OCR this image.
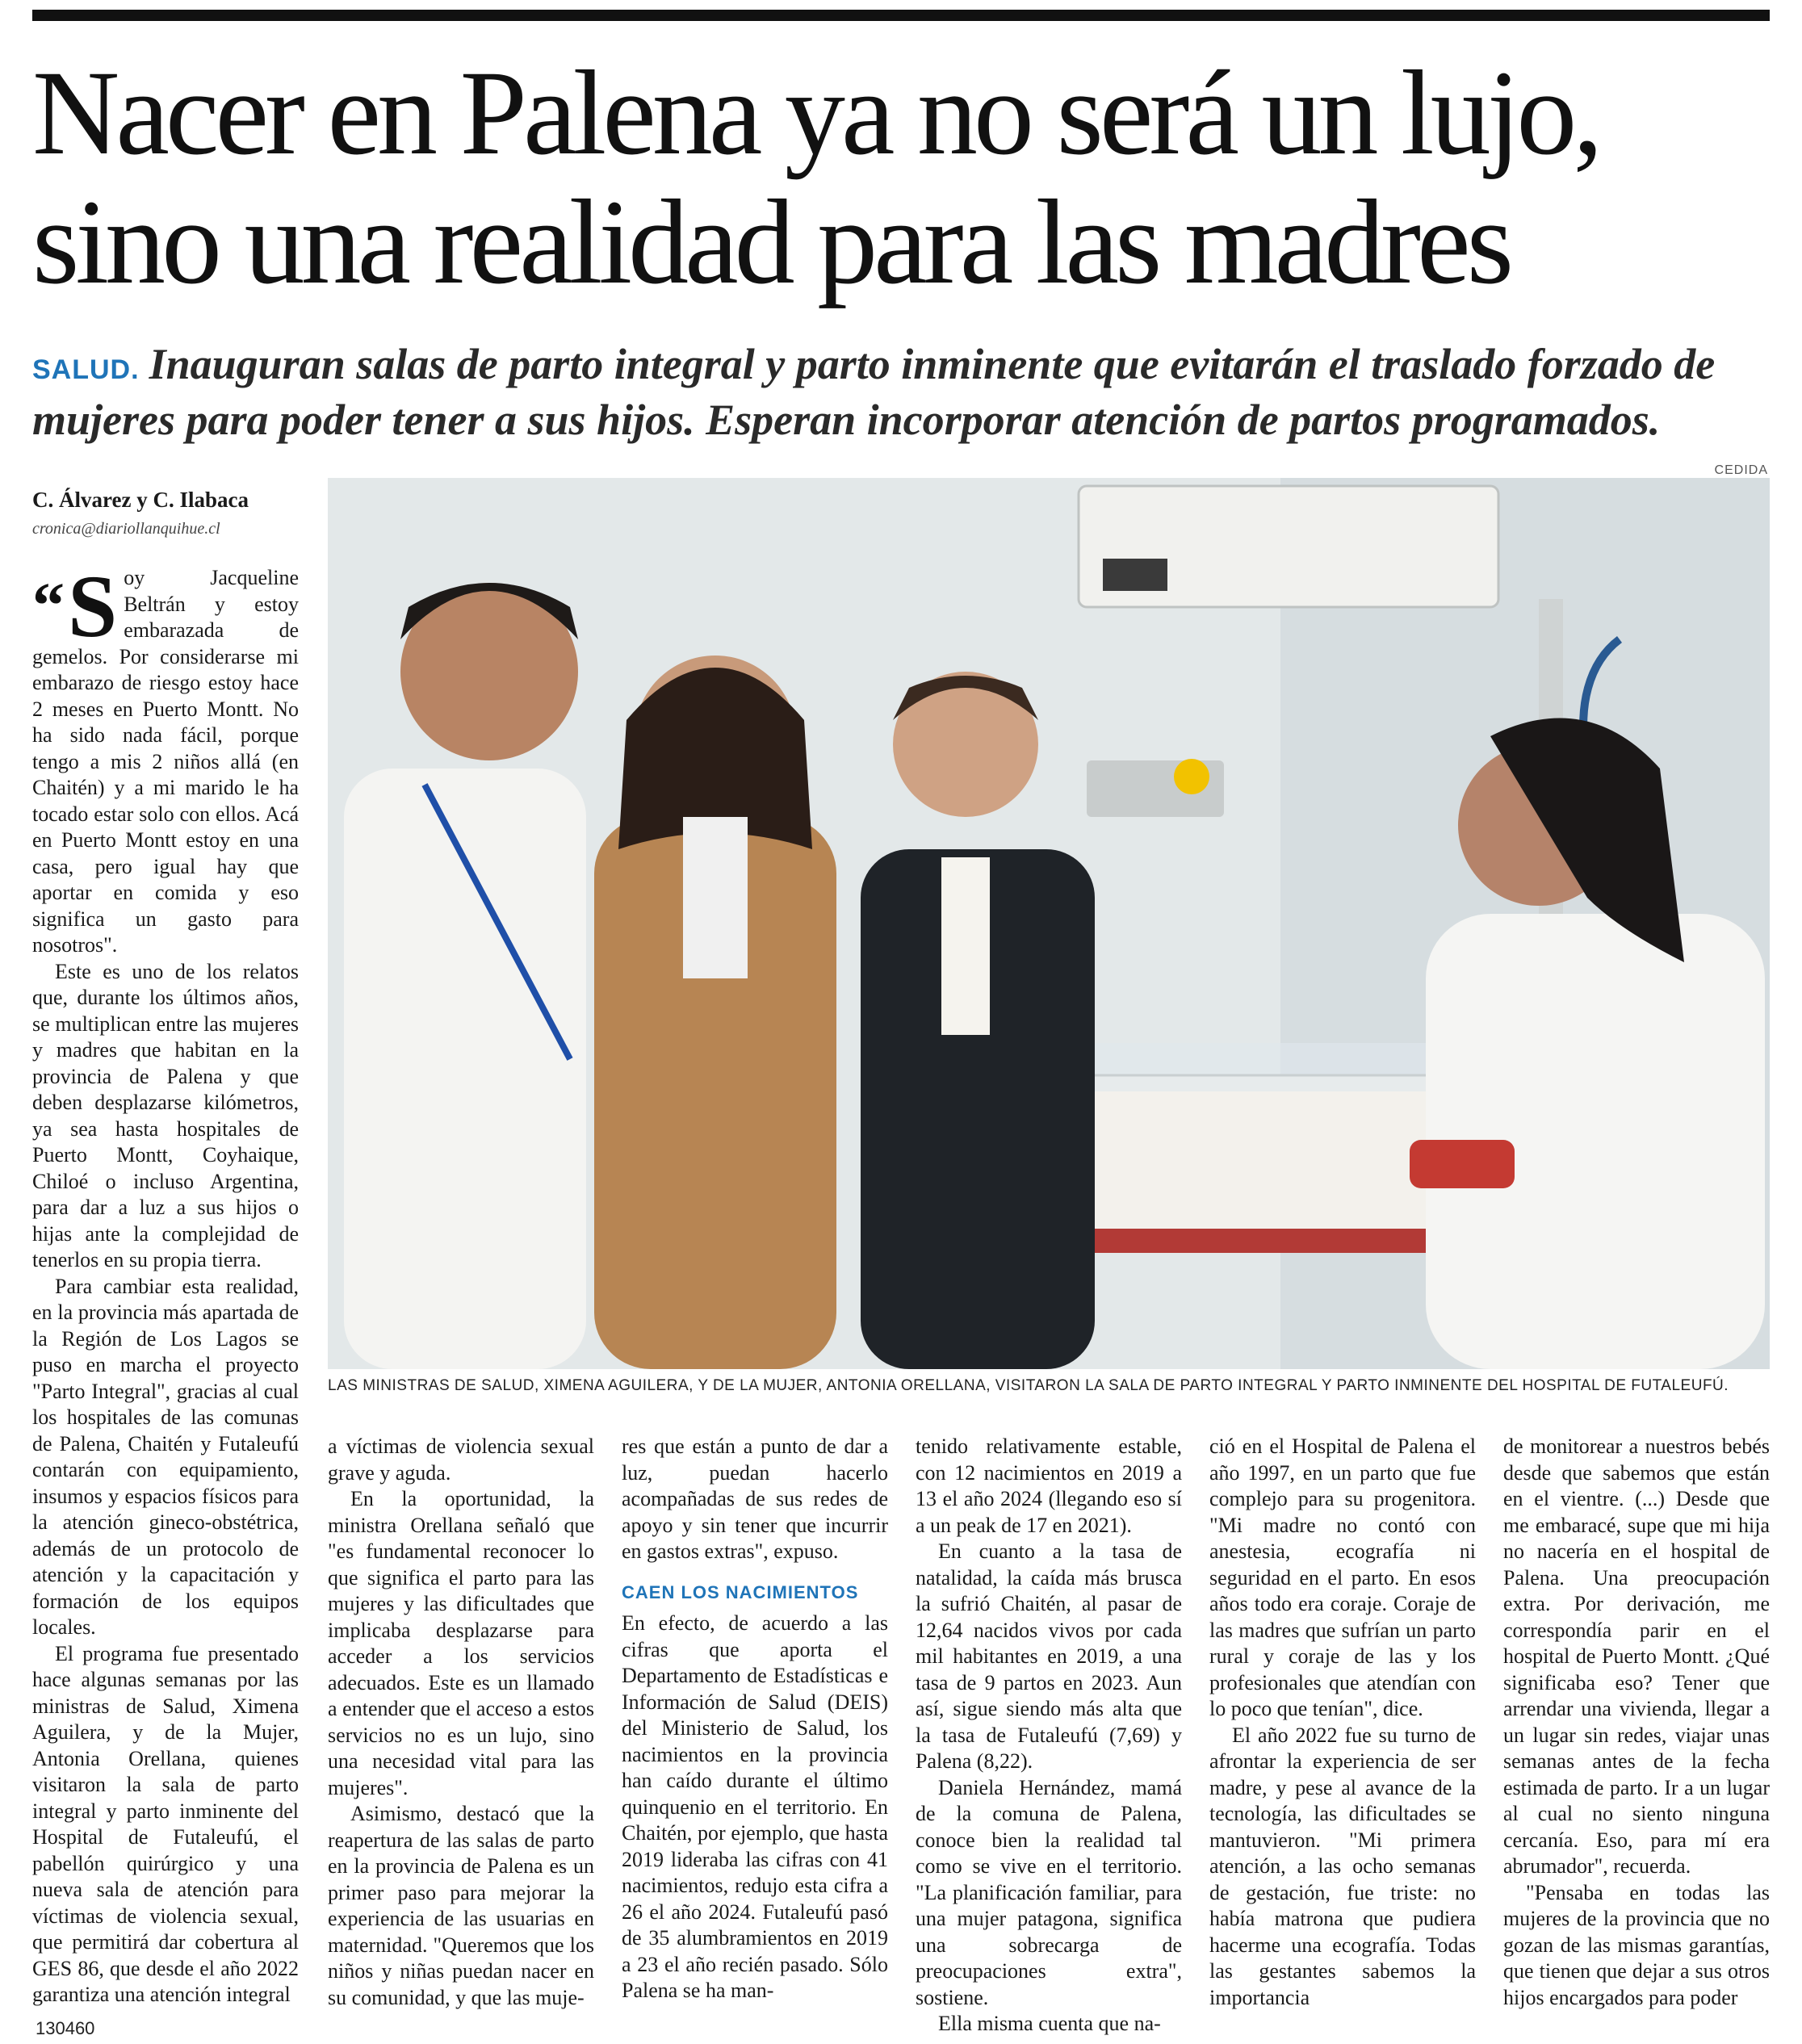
Nacer en Palena ya no será un lujo,
sino una realidad para las madres

SALUD. Inauguran salas de parto integral y parto inminente que evitarán el traslado forzado de mujeres para poder tener a sus hijos. Esperan incorporar atención de partos programados.

CEDIDA
C. Álvarez y C. Ilabaca
cronica@diariollanquihue.cl
LAS MINISTRAS DE SALUD, XIMENA AGUILERA, Y DE LA MUJER, ANTONIA ORELLANA, VISITARON LA SALA DE PARTO INTEGRAL Y PARTO INMINENTE DEL HOSPITAL DE FUTALEUFÚ.

“S oy Jacqueline Beltrán y estoy embarazada de gemelos. Por considerarse mi embarazo de riesgo estoy hace 2 meses en Puerto Montt. No ha sido nada fácil, porque tengo a mis 2 niños allá (en Chaitén) y a mi marido le ha tocado estar solo con ellos. Acá en Puerto Montt estoy en una casa, pero igual hay que aportar en comida y eso significa un gasto para nosotros".

Este es uno de los relatos que, durante los últimos años, se multiplican entre las mujeres y madres que habitan en la provincia de Palena y que deben desplazarse kilómetros, ya sea hasta hospitales de Puerto Montt, Coyhaique, Chiloé o incluso Argentina, para dar a luz a sus hijos o hijas ante la complejidad de tenerlos en su propia tierra.

Para cambiar esta realidad, en la provincia más apartada de la Región de Los Lagos se puso en marcha el proyecto "Parto Integral", gracias al cual los hospitales de las comunas de Palena, Chaitén y Futaleufú contarán con equipamiento, insumos y espacios físicos para la atención gineco-obstétrica, además de un protocolo de atención y la capacitación y formación de los equipos locales.

El programa fue presentado hace algunas semanas por las ministras de Salud, Ximena Aguilera, y de la Mujer, Antonia Orellana, quienes visitaron la sala de parto integral y parto inminente del Hospital de Futaleufú, el pabellón quirúrgico y una nueva sala de atención para víctimas de violencia sexual, que permitirá dar cobertura al GES 86, que desde el año 2022 garantiza una atención integral

a víctimas de violencia sexual grave y aguda.

En la oportunidad, la ministra Orellana señaló que "es fundamental reconocer lo que significa el parto para las mujeres y las dificultades que implicaba desplazarse para acceder a los servicios adecuados. Este es un llamado a entender que el acceso a estos servicios no es un lujo, sino una necesidad vital para las mujeres".

Asimismo, destacó que la reapertura de las salas de parto en la provincia de Palena es un primer paso para mejorar la experiencia de las usuarias en maternidad. "Queremos que los niños y niñas puedan nacer en su comunidad, y que las muje-

res que están a punto de dar a luz, puedan hacerlo acompañadas de sus redes de apoyo y sin tener que incurrir en gastos extras", expuso.

CAEN LOS NACIMIENTOS

En efecto, de acuerdo a las cifras que aporta el Departamento de Estadísticas e Información de Salud (DEIS) del Ministerio de Salud, los nacimientos en la provincia han caído durante el último quinquenio en el territorio. En Chaitén, por ejemplo, que hasta 2019 lideraba las cifras con 41 nacimientos, redujo esta cifra a 26 el año 2024. Futaleufú pasó de 35 alumbramientos en 2019 a 23 el año recién pasado. Sólo Palena se ha man-

tenido relativamente estable, con 12 nacimientos en 2019 a 13 el año 2024 (llegando eso sí a un peak de 17 en 2021).

En cuanto a la tasa de natalidad, la caída más brusca la sufrió Chaitén, al pasar de 12,64 nacidos vivos por cada mil habitantes en 2019, a una tasa de 9 partos en 2023. Aun así, sigue siendo más alta que la tasa de Futaleufú (7,69) y Palena (8,22).

Daniela Hernández, mamá de la comuna de Palena, conoce bien la realidad tal como se vive en el territorio. "La planificación familiar, para una mujer patagona, significa una sobrecarga de preocupaciones extra", sostiene.

Ella misma cuenta que na-

ció en el Hospital de Palena el año 1997, en un parto que fue complejo para su progenitora. "Mi madre no contó con anestesia, ecografía ni seguridad en el parto. En esos años todo era coraje. Coraje de las madres que sufrían un parto rural y coraje de las y los profesionales que atendían con lo poco que tenían", dice.

El año 2022 fue su turno de afrontar la experiencia de ser madre, y pese al avance de la tecnología, las dificultades se mantuvieron. "Mi primera atención, a las ocho semanas de gestación, fue triste: no había matrona que pudiera hacerme una ecografía. Todas las gestantes sabemos la importancia

de monitorear a nuestros bebés desde que sabemos que están en el vientre. (...) Desde que me embaracé, supe que mi hija no nacería en el hospital de Palena. Una preocupación extra. Por derivación, me correspondía parir en el hospital de Puerto Montt. ¿Qué significaba eso? Tener que arrendar una vivienda, llegar a un lugar sin redes, viajar unas semanas antes de la fecha estimada de parto. Ir a un lugar al cual no siento ninguna cercanía. Eso, para mí era abrumador", recuerda.

"Pensaba en todas las mujeres de la provincia que no gozan de las mismas garantías, que tienen que dejar a sus otros hijos encargados para poder

130460
